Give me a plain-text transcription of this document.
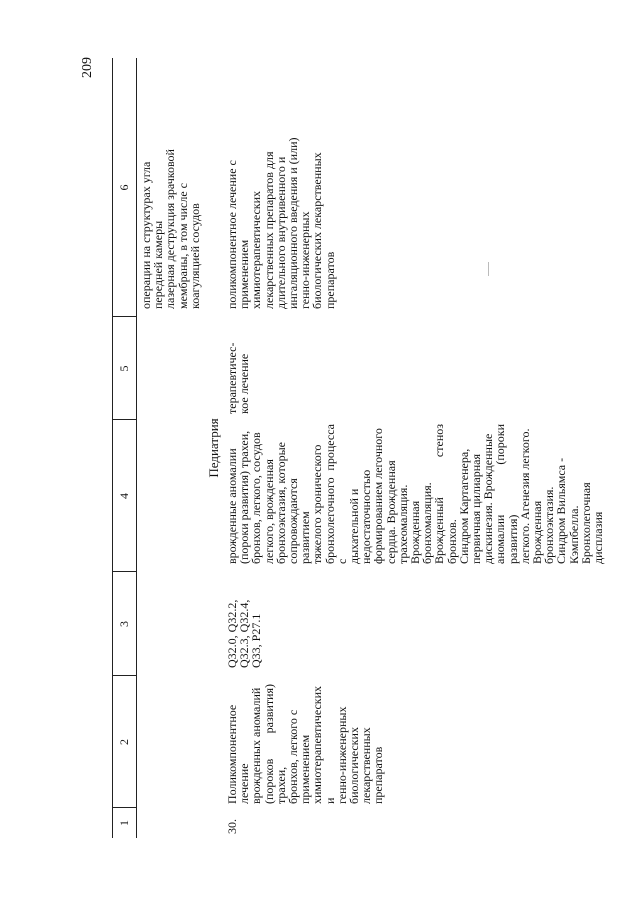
209
1
2
3
4
5
6 операции на структурах угла
передней камеры
лазерная деструкция зрачковой
мембраны, в том числе с
коагуляцией сосудов
Педиатрия
30.
Поликомпонентное лечение
врожденных аномалий
(пороков развития) трахеи,
бронхов, легкого с
применением
химиотерапевтических и
генно-инженерных
биологических
лекарственных препаратов
Q32.0, Q32.2,
Q32.3, Q32.4,
Q33, P27.1
врожденные аномалии
(пороки развития) трахеи,
бронхов, легкого, сосудов
легкого, врожденная
бронхоэктазия, которые
сопровождаются развитием
тяжелого хронического
бронхолегочного процесса с
дыхательной и
недостаточностью
формированием легочного
сердца. Врожденная
трахеомаляция. Врожденная
бронхомаляция.
Врожденный стеноз бронхов.
Синдром Картагенера,
первичная цилиарная
дискинезия. Врожденные
аномалии (пороки развития)
легкого. Агенезия легкого.
Врожденная бронхоэктазия.
Синдром Вильямса -
Кэмпбелла. Бронхолегочная
дисплазия
терапевтичес-
кое лечение
поликомпонентное лечение с
применением
химиотерапевтических
лекарственных препаратов для
длительного внутривенного и
ингаляционного введения и (или)
генно-инженерных
биологических лекарственных
препаратов
